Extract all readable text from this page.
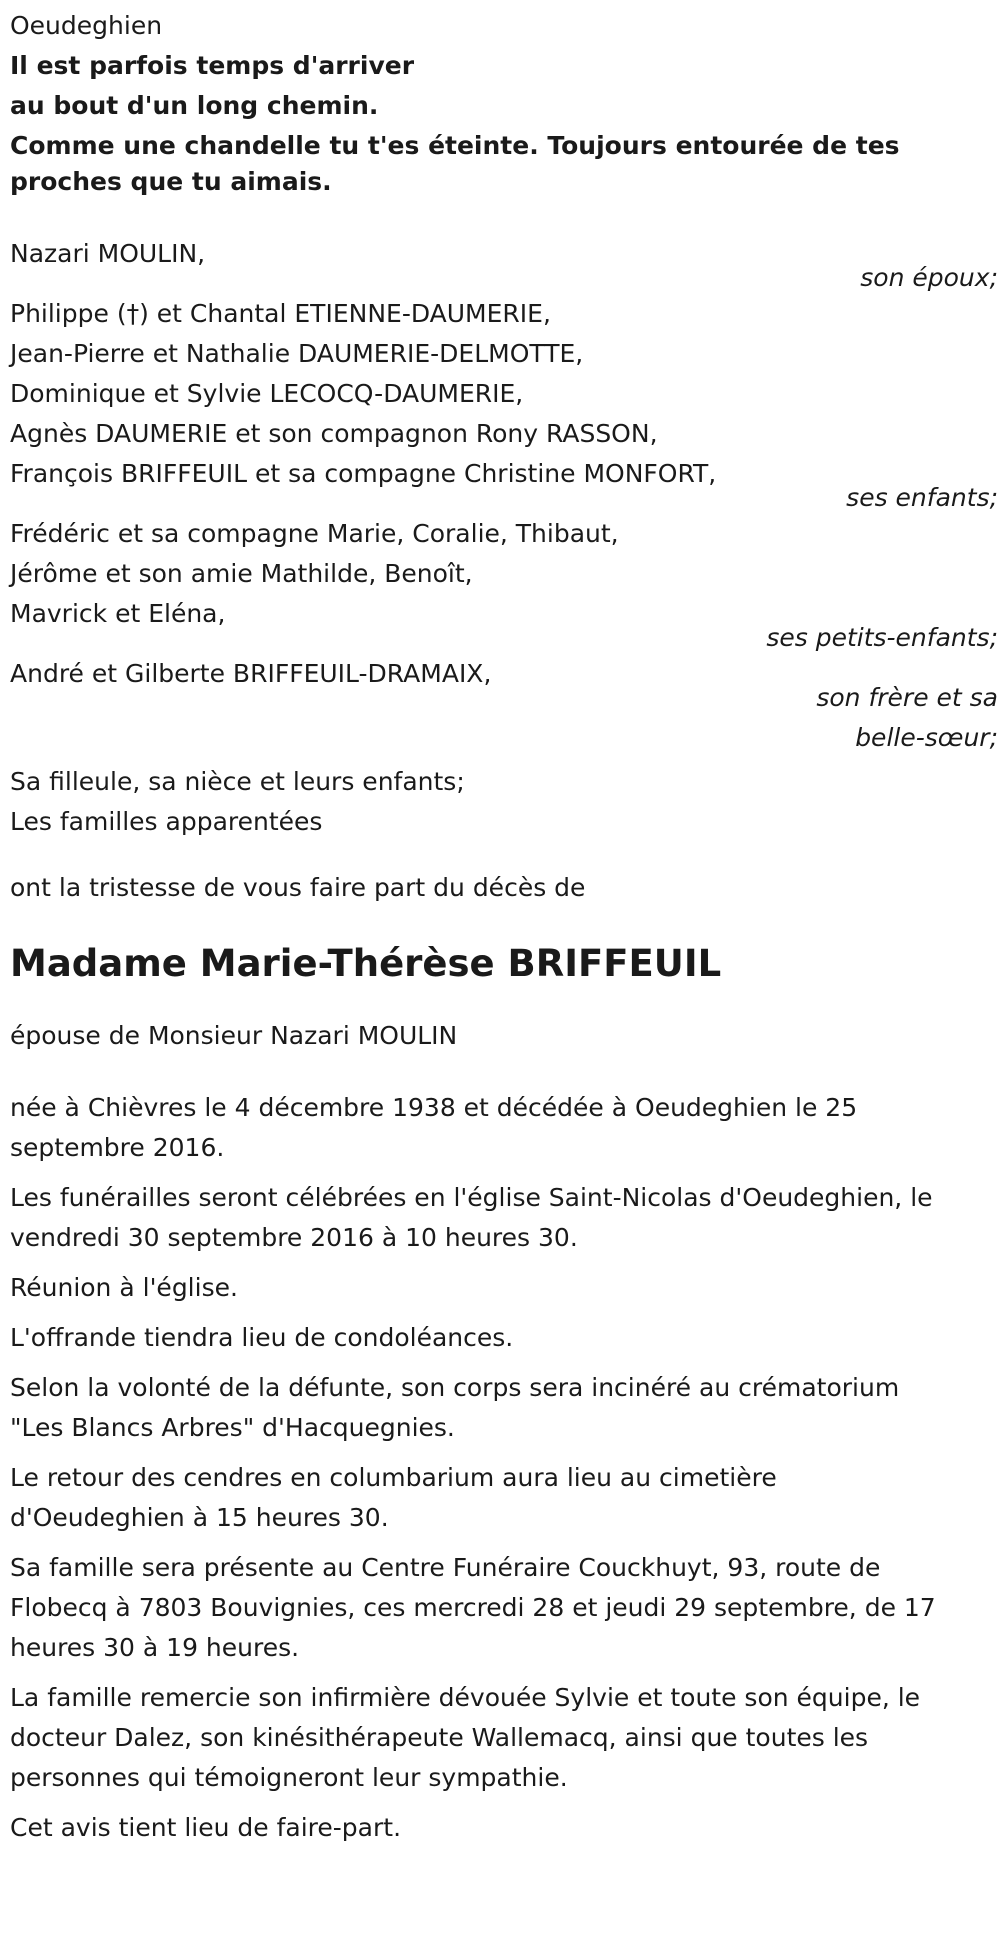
Oeudeghien

Il est parfois temps d'arriver

au bout d'un long chemin.

Comme une chandelle tu t'es éteinte. Toujours entourée de tes

proches que tu aimais.

Nazari MOULIN,

son époux;

Philippe (†) et Chantal ETIENNE-DAUMERIE,

Jean-Pierre et Nathalie DAUMERIE-DELMOTTE,

Dominique et Sylvie LECOCQ-DAUMERIE,

Agnès DAUMERIE et son compagnon Rony RASSON,

François BRIFFEUIL et sa compagne Christine MONFORT,

ses enfants;

Frédéric et sa compagne Marie, Coralie, Thibaut,

Jérôme et son amie Mathilde, Benoît,

Mavrick et Eléna,

ses petits-enfants;

André et Gilberte BRIFFEUIL-DRAMAIX,

son frère et sa

belle-sœur;

Sa filleule, sa nièce et leurs enfants;

Les familles apparentées

ont la tristesse de vous faire part du décès de

Madame Marie-Thérèse BRIFFEUIL

épouse de Monsieur Nazari MOULIN

née à Chièvres le 4 décembre 1938 et décédée à Oeudeghien le 25

septembre 2016.

Les funérailles seront célébrées en l'église Saint-Nicolas d'Oeudeghien, le

vendredi 30 septembre 2016 à 10 heures 30.

Réunion à l'église.

L'offrande tiendra lieu de condoléances.

Selon la volonté de la défunte, son corps sera incinéré au crématorium

"Les Blancs Arbres" d'Hacquegnies.

Le retour des cendres en columbarium aura lieu au cimetière

d'Oeudeghien à 15 heures 30.

Sa famille sera présente au Centre Funéraire Couckhuyt, 93, route de

Flobecq à 7803 Bouvignies, ces mercredi 28 et jeudi 29 septembre, de 17

heures 30 à 19 heures.

La famille remercie son infirmière dévouée Sylvie et toute son équipe, le

docteur Dalez, son kinésithérapeute Wallemacq, ainsi que toutes les

personnes qui témoigneront leur sympathie.

Cet avis tient lieu de faire-part.
